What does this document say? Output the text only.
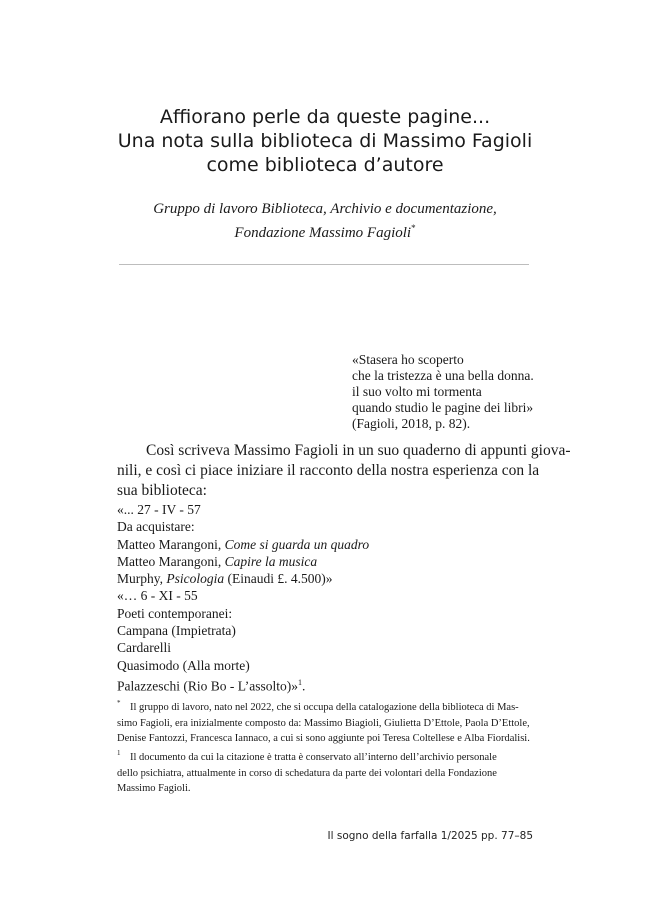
Affiorano perle da queste pagine...
Una nota sulla biblioteca di Massimo Fagioli
come biblioteca d’autore
Gruppo di lavoro Biblioteca, Archivio e documentazione,
Fondazione Massimo Fagioli*
«Stasera ho scoperto
che la tristezza è una bella donna.
il suo volto mi tormenta
quando studio le pagine dei libri»
(Fagioli, 2018, p. 82).
Così scriveva Massimo Fagioli in un suo quaderno di appunti giova-
nili, e così ci piace iniziare il racconto della nostra esperienza con la
sua biblioteca:
«... 27 - IV - 57
Da acquistare:
Matteo Marangoni, Come si guarda un quadro
Matteo Marangoni, Capire la musica
Murphy, Psicologia (Einaudi £. 4.500)»
«… 6 - XI - 55
Poeti contemporanei:
Campana (Impietrata)
Cardarelli
Quasimodo (Alla morte)
Palazzeschi (Rio Bo - L’assolto)»$^1$.
* Il gruppo di lavoro, nato nel 2022, che si occupa della catalogazione della biblioteca di Mas-
simo Fagioli, era inizialmente composto da: Massimo Biagioli, Giulietta D’Ettole, Paola D’Ettole,
Denise Fantozzi, Francesca Iannaco, a cui si sono aggiunte poi Teresa Coltellese e Alba Fiordalisi.
1 Il documento da cui la citazione è tratta è conservato all’interno dell’archivio personale
dello psichiatra, attualmente in corso di schedatura da parte dei volontari della Fondazione
Massimo Fagioli.
Il sogno della farfalla 1/2025 pp. 77–85
